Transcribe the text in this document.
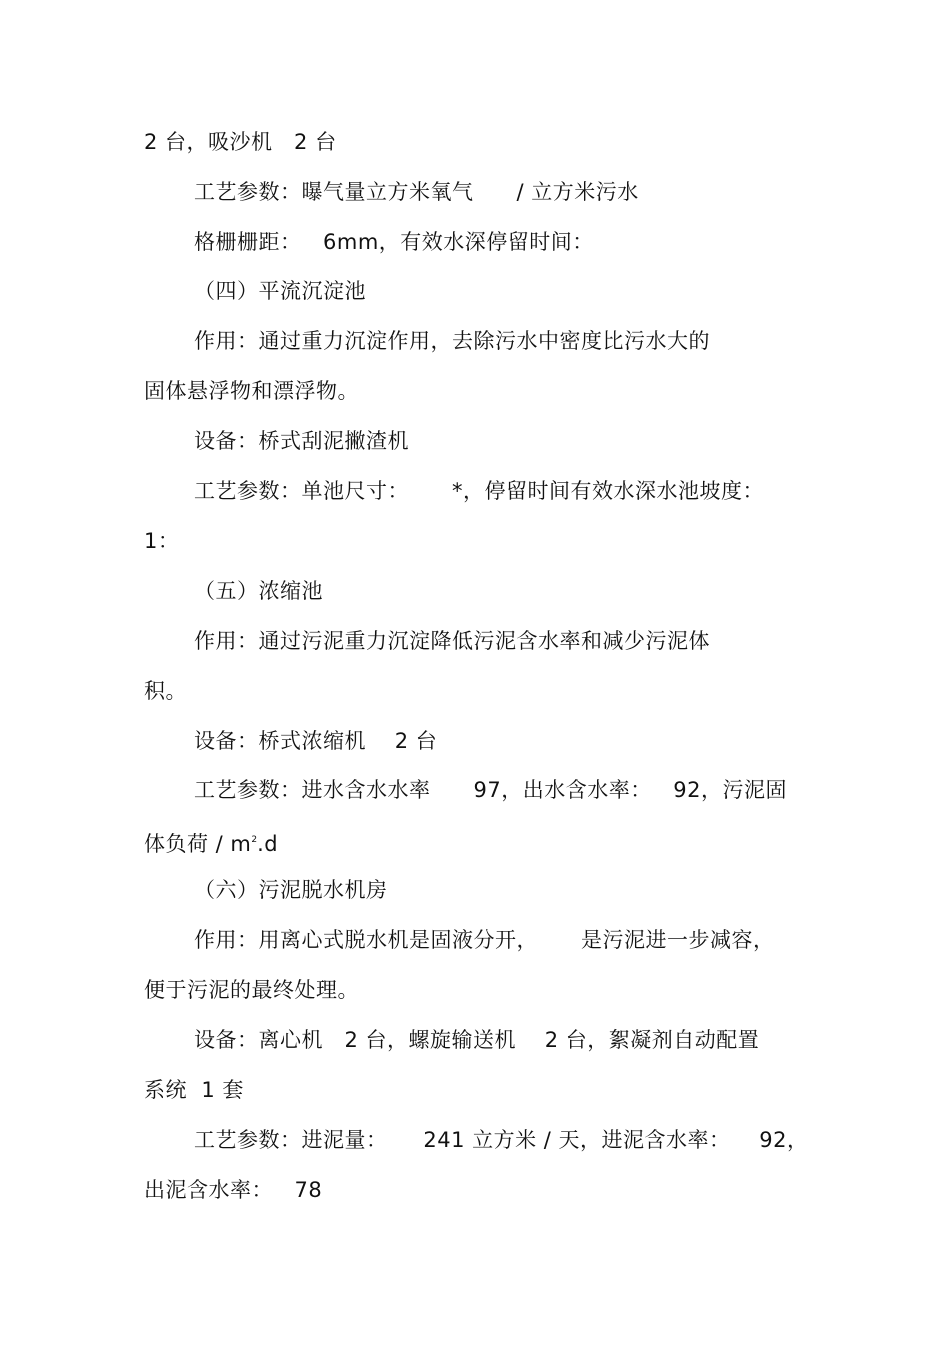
2 台，吸沙机   2 台
工艺参数：曝气量立方米氧气      / 立方米污水
格栅栅距：   6mm，有效水深停留时间：
（四）平流沉淀池
作用：通过重力沉淀作用，去除污水中密度比污水大的
固体悬浮物和漂浮物。
设备：桥式刮泥撇渣机
工艺参数：单池尺寸：      *，停留时间有效水深水池坡度：
1：
（五）浓缩池
作用：通过污泥重力沉淀降低污泥含水率和减少污泥体
积。
设备：桥式浓缩机    2 台
工艺参数：进水含水水率      97，出水含水率：   92，污泥固
体负荷 / $m^2.d$
（六）污泥脱水机房
作用：用离心式脱水机是固液分开，      是污泥进一步减容，
便于污泥的最终处理。
设备：离心机   2 台，螺旋输送机    2 台，絮凝剂自动配置
系统  1 套
工艺参数：进泥量：     241 立方米 / 天，进泥含水率：    92，
出泥含水率：   78
